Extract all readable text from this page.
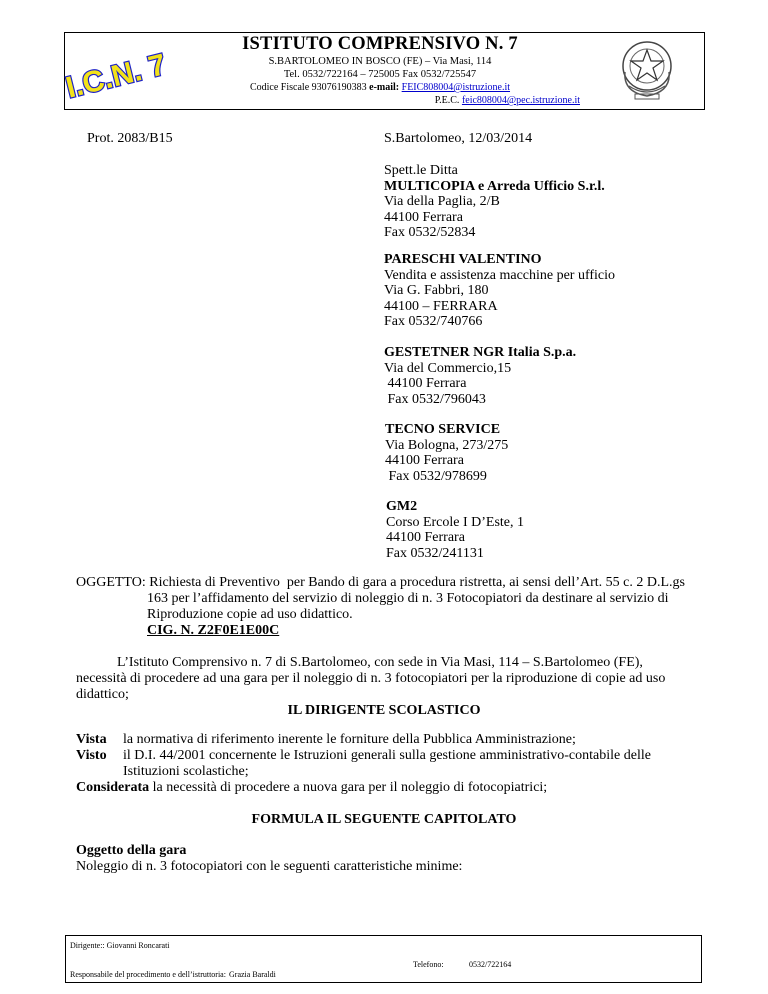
I.C.N. 7
ISTITUTO COMPRENSIVO N. 7
S.BARTOLOMEO IN BOSCO (FE) – Via Masi, 114
Tel. 0532/722164 – 725005 Fax 0532/725547
Codice Fiscale 93076190383 e-mail: FEIC808004@istruzione.it
P.E.C. feic808004@pec.istruzione.it
Prot. 2083/B15	S.Bartolomeo, 12/03/2014
Spett.le Ditta
MULTICOPIA e Arreda Ufficio S.r.l.
Via della Paglia, 2/B
44100 Ferrara
Fax 0532/52834
PARESCHI VALENTINO
Vendita e assistenza macchine per ufficio
Via G. Fabbri, 180
44100 – FERRARA
Fax 0532/740766
GESTETNER NGR Italia S.p.a.
Via del Commercio,15
44100 Ferrara
Fax 0532/796043
TECNO SERVICE
Via Bologna, 273/275
44100 Ferrara
Fax 0532/978699
GM2
Corso Ercole I D’Este, 1
44100 Ferrara
Fax 0532/241131
OGGETTO: Richiesta di Preventivo  per Bando di gara a procedura ristretta, ai sensi dell’Art. 55 c. 2 D.L.gs
163 per l’affidamento del servizio di noleggio di n. 3 Fotocopiatori da destinare al servizio di
Riproduzione copie ad uso didattico.
CIG. N. Z2F0E1E00C
L’Istituto Comprensivo n. 7 di S.Bartolomeo, con sede in Via Masi, 114 – S.Bartolomeo (FE),
necessità di procedere ad una gara per il noleggio di n. 3 fotocopiatori per la riproduzione di copie ad uso
didattico;
IL DIRIGENTE SCOLASTICO
Vista la normativa di riferimento inerente le forniture della Pubblica Amministrazione;
Visto il D.I. 44/2001 concernente le Istruzioni generali sulla gestione amministrativo-contabile delle
Istituzioni scolastiche;
Considerata la necessità di procedere a nuova gara per il noleggio di fotocopiatrici;
FORMULA IL SEGUENTE CAPITOLATO
Oggetto della gara
Noleggio di n. 3 fotocopiatori con le seguenti caratteristiche minime:
Dirigente:: Giovanni Roncarati
Responsabile del procedimento e dell’istruttoria: Grazia Baraldi
Telefono:	0532/722164
